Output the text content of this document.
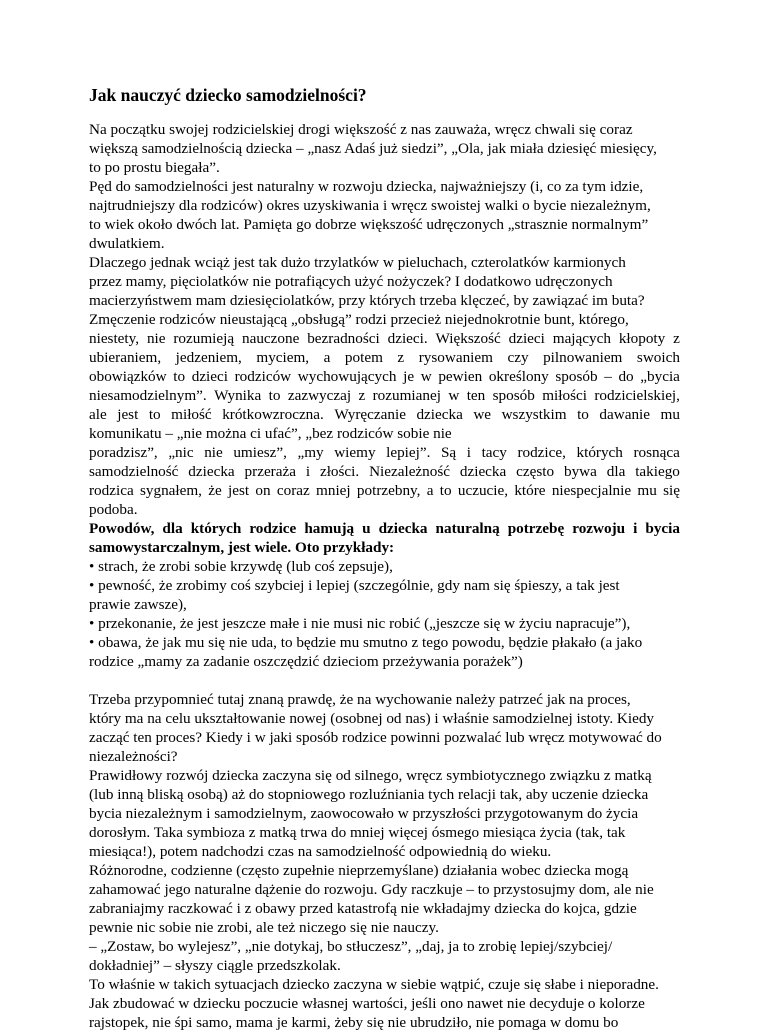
Jak nauczyć dziecko samodzielności?
Na początku swojej rodzicielskiej drogi większość z nas zauważa, wręcz chwali się coraz
większą samodzielnością dziecka – „nasz Adaś już siedzi”, „Ola, jak miała dziesięć miesięcy,
to po prostu biegała”.
Pęd do samodzielności jest naturalny w rozwoju dziecka, najważniejszy (i, co za tym idzie,
najtrudniejszy dla rodziców) okres uzyskiwania i wręcz swoistej walki o bycie niezależnym,
to wiek około dwóch lat. Pamięta go dobrze większość udręczonych „strasznie normalnym”
dwulatkiem.
Dlaczego jednak wciąż jest tak dużo trzylatków w pieluchach, czterolatków karmionych
przez mamy, pięciolatków nie potrafiących użyć nożyczek? I dodatkowo udręczonych
macierzyństwem mam dziesięciolatków, przy których trzeba klęczeć, by zawiązać im buta?
Zmęczenie rodziców nieustającą „obsługą” rodzi przecież niejednokrotnie bunt, którego,
niestety, nie rozumieją nauczone bezradności dzieci. Większość dzieci mających kłopoty z
ubieraniem, jedzeniem, myciem, a potem z rysowaniem czy pilnowaniem swoich
obowiązków to dzieci rodziców wychowujących je w pewien określony sposób – do „bycia
niesamodzielnym”. Wynika to zazwyczaj z rozumianej w ten sposób miłości rodzicielskiej,
ale jest to miłość krótkowzroczna. Wyręczanie dziecka we wszystkim to dawanie mu
komunikatu – „nie można ci ufać”, „bez rodziców sobie nie
poradzisz”, „nic nie umiesz”, „my wiemy lepiej”. Są i tacy rodzice, których rosnąca
samodzielność dziecka przeraża i złości. Niezależność dziecka często bywa dla takiego
rodzica sygnałem, że jest on coraz mniej potrzebny, a to uczucie, które niespecjalnie mu się
podoba.
Powodów, dla których rodzice hamują u dziecka naturalną potrzebę rozwoju i bycia
samowystarczalnym, jest wiele. Oto przykłady:
• strach, że zrobi sobie krzywdę (lub coś zepsuje),
• pewność, że zrobimy coś szybciej i lepiej (szczególnie, gdy nam się śpieszy, a tak jest
prawie zawsze),
• przekonanie, że jest jeszcze małe i nie musi nic robić („jeszcze się w życiu napracuje”),
• obawa, że jak mu się nie uda, to będzie mu smutno z tego powodu, będzie płakało (a jako
rodzice „mamy za zadanie oszczędzić dzieciom przeżywania porażek”)
Trzeba przypomnieć tutaj znaną prawdę, że na wychowanie należy patrzeć jak na proces,
który ma na celu ukształtowanie nowej (osobnej od nas) i właśnie samodzielnej istoty. Kiedy
zacząć ten proces? Kiedy i w jaki sposób rodzice powinni pozwalać lub wręcz motywować do
niezależności?
Prawidłowy rozwój dziecka zaczyna się od silnego, wręcz symbiotycznego związku z matką
(lub inną bliską osobą) aż do stopniowego rozluźniania tych relacji tak, aby uczenie dziecka
bycia niezależnym i samodzielnym, zaowocowało w przyszłości przygotowanym do życia
dorosłym. Taka symbioza z matką trwa do mniej więcej ósmego miesiąca życia (tak, tak
miesiąca!), potem nadchodzi czas na samodzielność odpowiednią do wieku.
Różnorodne, codzienne (często zupełnie nieprzemyślane) działania wobec dziecka mogą
zahamować jego naturalne dążenie do rozwoju. Gdy raczkuje – to przystosujmy dom, ale nie
zabraniajmy raczkować i z obawy przed katastrofą nie wkładajmy dziecka do kojca, gdzie
pewnie nic sobie nie zrobi, ale też niczego się nie nauczy.
– „Zostaw, bo wylejesz”, „nie dotykaj, bo stłuczesz”, „daj, ja to zrobię lepiej/szybciej/
dokładniej” – słyszy ciągle przedszkolak.
To właśnie w takich sytuacjach dziecko zaczyna w siebie wątpić, czuje się słabe i nieporadne.
Jak zbudować w dziecku poczucie własnej wartości, jeśli ono nawet nie decyduje o kolorze
rajstopek, nie śpi samo, mama je karmi, żeby się nie ubrudziło, nie pomaga w domu bo
